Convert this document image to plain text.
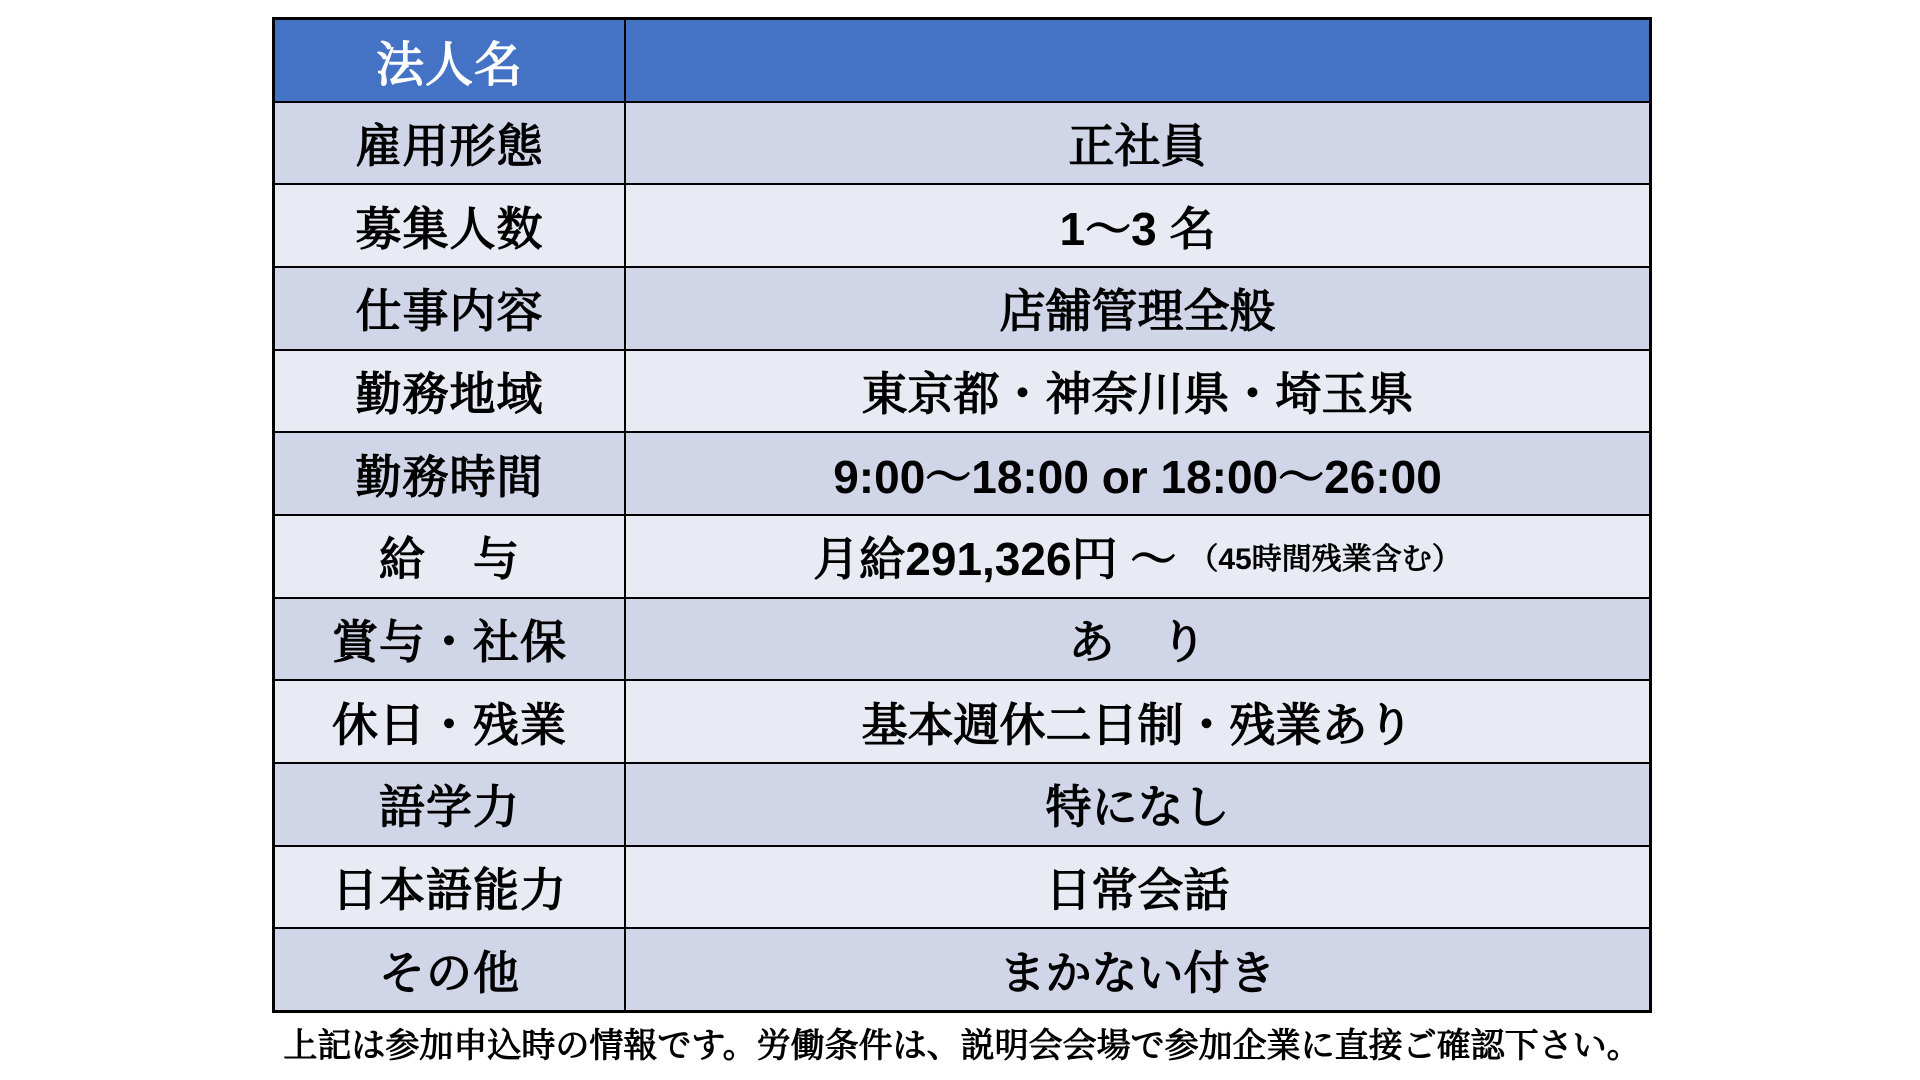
法人名
雇用形態	正社員
募集人数	1～3 名
仕事内容	店舗管理全般
勤務地域	東京都・神奈川県・埼玉県
勤務時間	9:00～18:00 or 18:00～26:00
給　与	月給291,326円 ～ （45時間残業含む）
賞与・社保	あ　り
休日・残業	基本週休二日制・残業あり
語学力	特になし
日本語能力	日常会話
その他	まかない付き
上記は参加申込時の情報です。労働条件は、説明会会場で参加企業に直接ご確認下さい。
